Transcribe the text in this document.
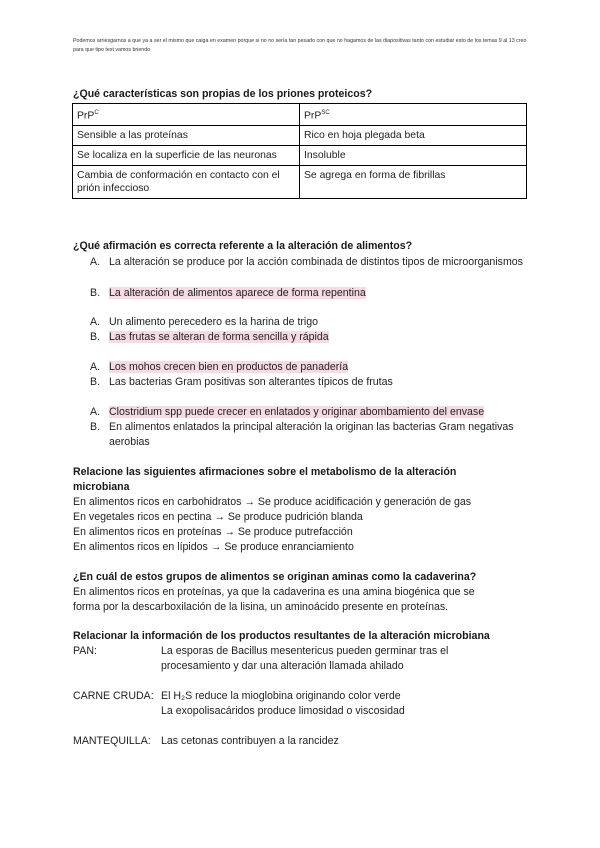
Podemos arriesgarnos a que ya a ser el mismo que caiga en examen porque si no no sería tan pesado con que no hagamos de las diapositivas tanto con estudiar esto de los temas 9 al 13 creo para que tipo test vamos briendo
¿Qué características son propias de los priones proteicos?
PrP$^C$	PrP$^{SC}$
Sensible a las proteínas	Rico en hoja plegada beta
Se localiza en la superficie de las neuronas	Insoluble
Cambia de conformación en contacto con el prión infeccioso	Se agrega en forma de fibrillas
¿Qué afirmación es correcta referente a la alteración de alimentos?
A. La alteración se produce por la acción combinada de distintos tipos de microorganismos
B. La alteración de alimentos aparece de forma repentina
A. Un alimento perecedero es la harina de trigo
B. Las frutas se alteran de forma sencilla y rápida
A. Los mohos crecen bien en productos de panadería
B. Las bacterias Gram positivas son alterantes típicos de frutas
A. Clostridium spp puede crecer en enlatados y originar abombamiento del envase
B. En alimentos enlatados la principal alteración la originan las bacterias Gram negativas aerobias
Relacione las siguientes afirmaciones sobre el metabolismo de la alteración
microbiana
En alimentos ricos en carbohidratos → Se produce acidificación y generación de gas
En vegetales ricos en pectina → Se produce pudrición blanda
En alimentos ricos en proteínas → Se produce putrefacción
En alimentos ricos en lípidos → Se produce enranciamiento
¿En cuál de estos grupos de alimentos se originan aminas como la cadaverina?
En alimentos ricos en proteínas, ya que la cadaverina es una amina biogénica que se
forma por la descarboxilación de la lisina, un aminoácido presente en proteínas.
Relacionar la información de los productos resultantes de la alteración microbiana
PAN:	La esporas de Bacillus mesentericus pueden germinar tras el
procesamiento y dar una alteración llamada ahilado
CARNE CRUDA: El H₂S reduce la mioglobina originando color verde
La exopolisacáridos produce limosidad o viscosidad
MANTEQUILLA: Las cetonas contribuyen a la rancidez
